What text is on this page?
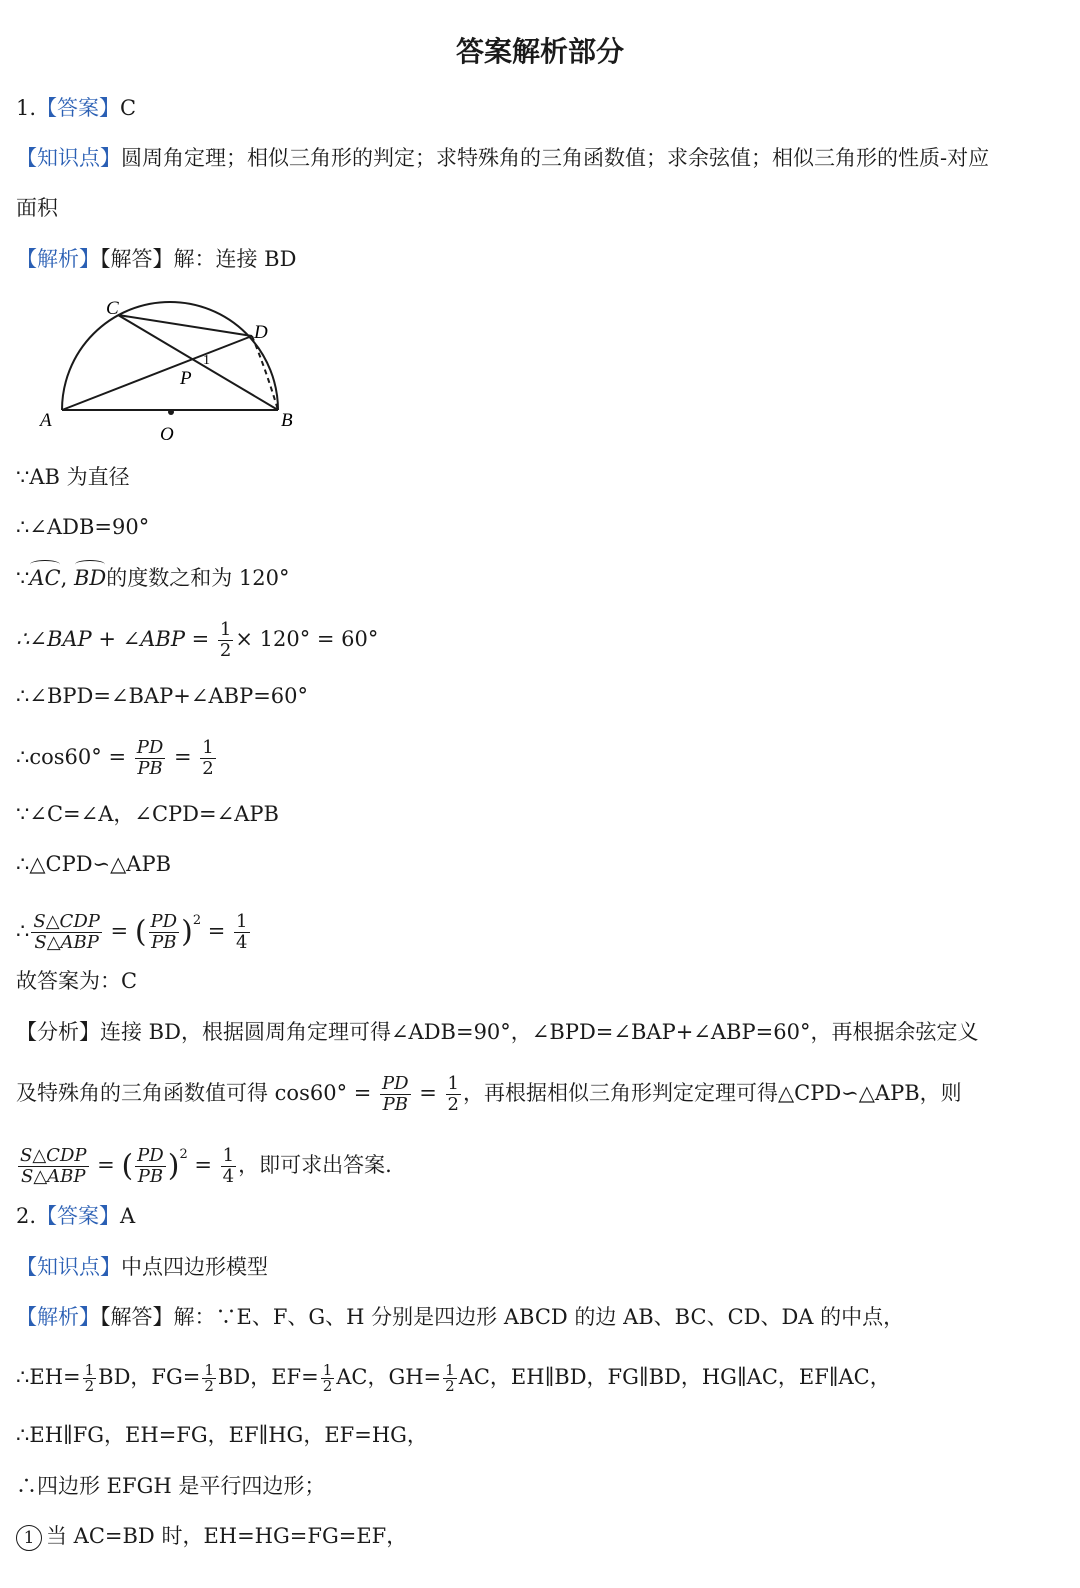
答案解析部分
1.【答案】C
【知识点】圆周角定理；相似三角形的判定；求特殊角的三角函数值；求余弦值；相似三角形的性质-对应
面积
【解析】【解答】解：连接 BD
C
D
P
1
A	B
O
∵AB 为直径
∴∠ADB=90°
∵AC, BD的度数之和为 120°
∴∠BAP + ∠ABP = $\frac{1}{2} \times 120^\circ = 60^\circ$
∴∠BPD=∠BAP+∠ABP=60°
∴cos60° = $\frac{PD}{PB} = \frac{1}{2}$
∵∠C=∠A，∠CPD=∠APB
∴△CPD∽△APB
∴ $\frac{\text{S△CDP}}{\text{S△ABP}}$ = ( $\frac{PD}{PB} )^2 = \frac{1}{4}$
故答案为：C
【分析】连接 BD，根据圆周角定理可得∠ADB=90°，∠BPD=∠BAP+∠ABP=60°，再根据余弦定义
及特殊角的三角函数值可得 $\cos 60^\circ = \frac{PD}{PB} = \frac{1}{2}$ ，再根据相似三角形判定定理可得△CPD∽△APB，则
$\frac{\text{S△CDP}}{\text{S△ABP}}$ = ( $\frac{PD}{PB} )^2 = \frac{1}{4}$ ，即可求出答案.
2.【答案】A
【知识点】中点四边形模型
【解析】【解答】解：∵E、F、G、H 分别是四边形 ABCD 的边 AB、BC、CD、DA 的中点，
∴EH= $\frac{1}{2}$ BD，$FG= \frac{1}{2}$ BD，$EF= \frac{1}{2}$ AC，$GH= \frac{1}{2}$ AC，EH∥BD，FG∥BD，HG∥AC，EF∥AC，
∴EH∥FG，EH=FG，EF∥HG，EF=HG，
∴四边形 EFGH 是平行四边形；
1 当 AC=BD 时，EH=HG=FG=EF，
